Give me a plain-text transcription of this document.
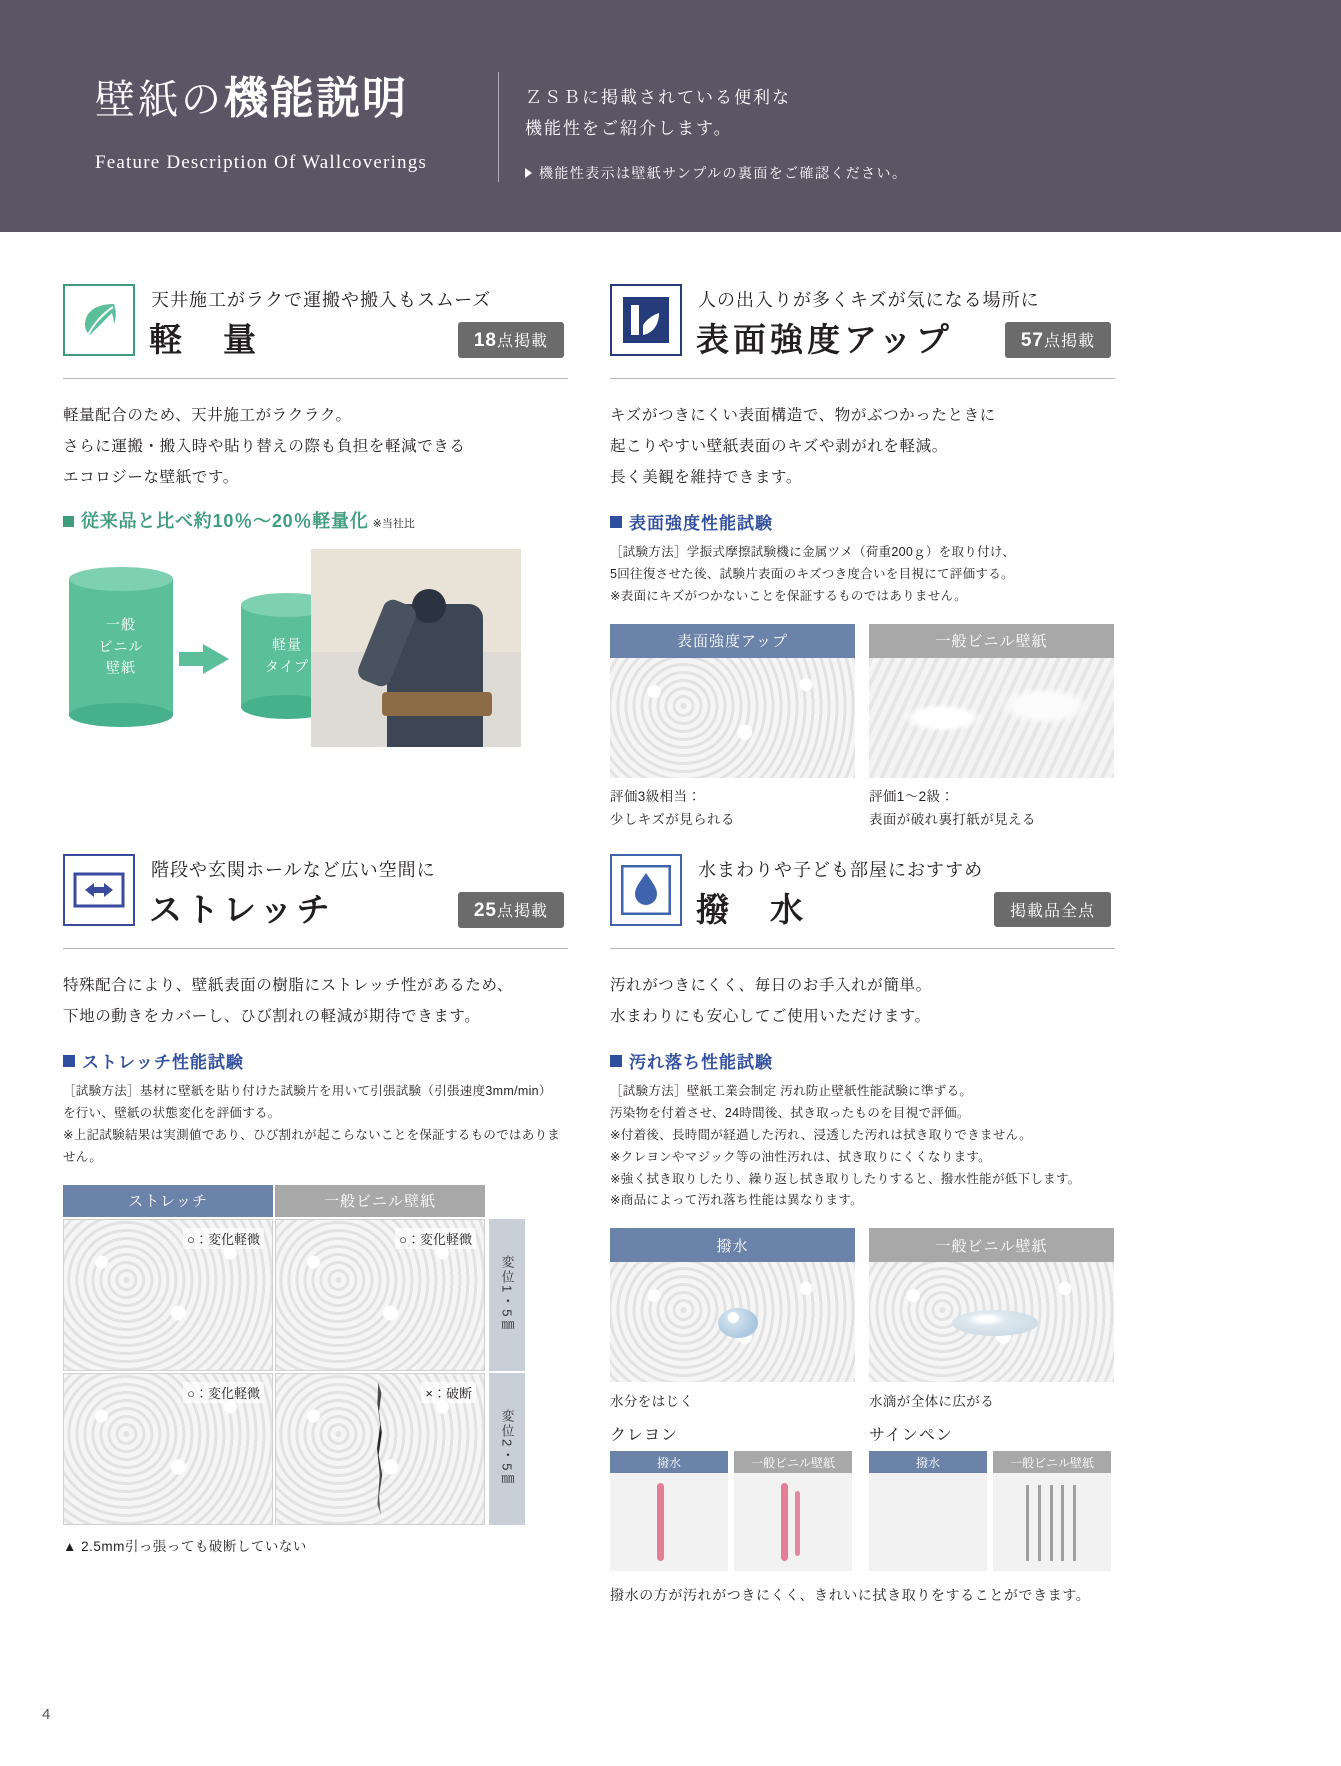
壁紙の機能説明
Feature Description Of Wallcoverings
ＺＳＢに掲載されている便利な
機能性をご紹介します。
機能性表示は壁紙サンプルの裏面をご確認ください。
天井施工がラクで運搬や搬入もスムーズ
軽　量	18点掲載
軽量配合のため、天井施工がラクラク。
さらに運搬・搬入時や貼り替えの際も負担を軽減できる
エコロジーな壁紙です。
従来品と比べ約10％～20％軽量化 ※当社比
一般
ビニル
壁紙
軽量
タイプ
人の出入りが多くキズが気になる場所に
表面強度アップ	57点掲載
キズがつきにくい表面構造で、物がぶつかったときに
起こりやすい壁紙表面のキズや剥がれを軽減。
長く美観を維持できます。
表面強度性能試験
［試験方法］学振式摩擦試験機に金属ツメ（荷重200ｇ）を取り付け、
5回往復させた後、試験片表面のキズつき度合いを目視にて評価する。
※表面にキズがつかないことを保証するものではありません。
表面強度アップ
評価3級相当：
少しキズが見られる
一般ビニル壁紙
評価1～2級：
表面が破れ裏打紙が見える
階段や玄関ホールなど広い空間に
ストレッチ	25点掲載
特殊配合により、壁紙表面の樹脂にストレッチ性があるため、
下地の動きをカバーし、ひび割れの軽減が期待できます。
ストレッチ性能試験
［試験方法］基材に壁紙を貼り付けた試験片を用いて引張試験（引張速度3mm/min）
を行い、壁紙の状態変化を評価する。
※上記試験結果は実測値であり、ひび割れが起こらないことを保証するものではありません。
ストレッチ	一般ビニル壁紙
○：変化軽微	○：変化軽微
変位1・5㎜
○：変化軽微	×：破断
変位2・5㎜
▲ 2.5mm引っ張っても破断していない
水まわりや子ども部屋におすすめ
撥　水	掲載品全点
汚れがつきにくく、毎日のお手入れが簡単。
水まわりにも安心してご使用いただけます。
汚れ落ち性能試験
［試験方法］壁紙工業会制定 汚れ防止壁紙性能試験に準ずる。
汚染物を付着させ、24時間後、拭き取ったものを目視で評価。
※付着後、長時間が経過した汚れ、浸透した汚れは拭き取りできません。
※クレヨンやマジック等の油性汚れは、拭き取りにくくなります。
※強く拭き取りしたり、繰り返し拭き取りしたりすると、撥水性能が低下します。
※商品によって汚れ落ち性能は異なります。
撥水
水分をはじく
一般ビニル壁紙
水滴が全体に広がる
クレヨン
撥水	一般ビニル壁紙
サインペン
撥水	一般ビニル壁紙
撥水の方が汚れがつきにくく、きれいに拭き取りをすることができます。
4
